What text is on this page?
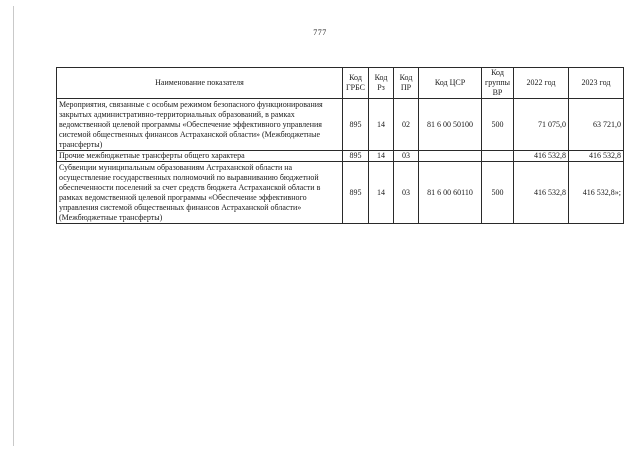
777
Наименование показателя	Код ГРБС	Код Рз	Код ПР	Код ЦСР	Код группы ВР	2022 год	2023 год
Мероприятия, связанные с особым режимом безопасного функционирования закрытых административно-территориальных образований, в рамках ведомственной целевой программы «Обеспечение эффективного управления системой общественных финансов Астраханской области» (Межбюджетные трансферты)	895	14	02	81 6 00 50100	500	71 075,0	63 721,0
Прочие межбюджетные трансферты общего характера	895	14	03			416 532,8	416 532,8
Субвенции муниципальным образованиям Астраханской области на осуществление государственных полномочий по выравниванию бюджетной обеспеченности поселений за счет средств бюджета Астраханской области в рамках ведомственной целевой программы «Обеспечение эффективного управления системой общественных финансов Астраханской области» (Межбюджетные трансферты)	895	14	03	81 6 00 60110	500	416 532,8	416 532,8»;
